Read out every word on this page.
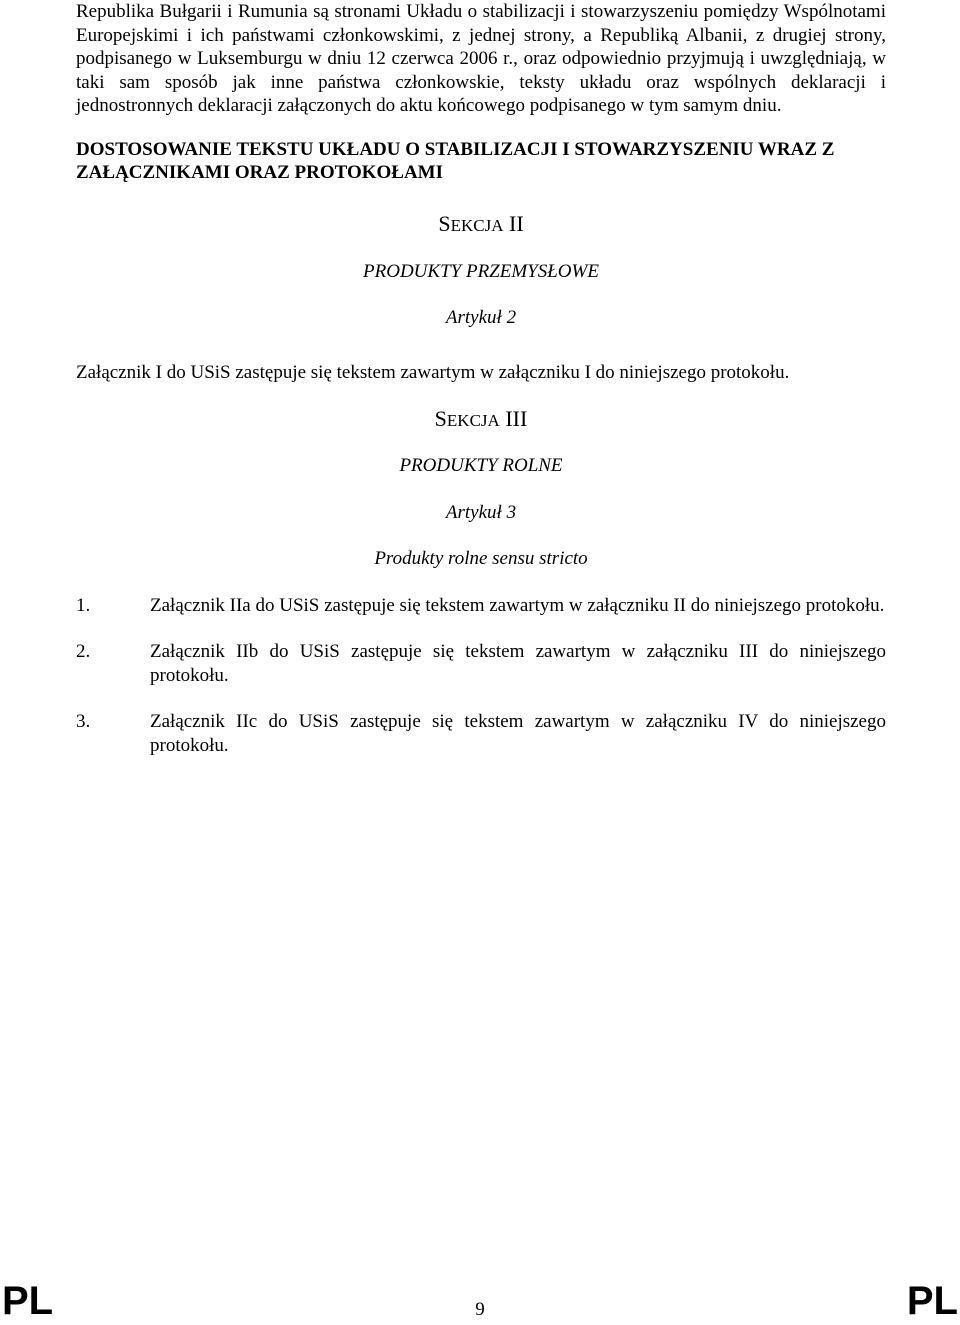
Republika Bułgarii i Rumunia są stronami Układu o stabilizacji i stowarzyszeniu pomiędzy Wspólnotami Europejskimi i ich państwami członkowskimi, z jednej strony, a Republiką Albanii, z drugiej strony, podpisanego w Luksemburgu w dniu 12 czerwca 2006 r., oraz odpowiednio przyjmują i uwzględniają, w taki sam sposób jak inne państwa członkowskie, teksty układu oraz wspólnych deklaracji i jednostronnych deklaracji załączonych do aktu końcowego podpisanego w tym samym dniu.

DOSTOSOWANIE TEKSTU UKŁADU O STABILIZACJI I STOWARZYSZENIU WRAZ Z ZAŁĄCZNIKAMI ORAZ PROTOKOŁAMI

SEKCJA II

PRODUKTY PRZEMYSŁOWE

Artykuł 2

Załącznik I do USiS zastępuje się tekstem zawartym w załączniku I do niniejszego protokołu.

SEKCJA III

PRODUKTY ROLNE

Artykuł 3

Produkty rolne sensu stricto

1.	Załącznik IIa do USiS zastępuje się tekstem zawartym w załączniku II do niniejszego protokołu.
2.	Załącznik IIb do USiS zastępuje się tekstem zawartym w załączniku III do niniejszego protokołu.
3.	Załącznik IIc do USiS zastępuje się tekstem zawartym w załączniku IV do niniejszego protokołu.
PL	9	PL
